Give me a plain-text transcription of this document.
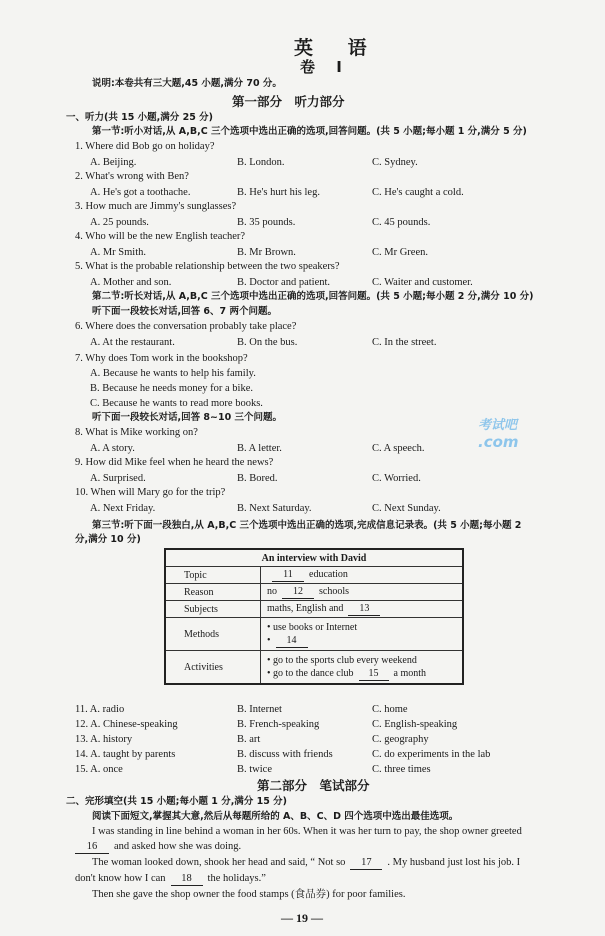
英 语
卷 Ⅰ
说明:本卷共有三大题,45 小题,满分 70 分。
第一部分　听力部分
一、听力(共 15 小题,满分 25 分)
第一节:听小对话,从 A,B,C 三个选项中选出正确的选项,回答问题。(共 5 小题;每小题 1 分,满分 5 分)
1. Where did Bob go on holiday?
A. Beijing.	B. London.	C. Sydney.
2. What's wrong with Ben?
A. He's got a toothache.	B. He's hurt his leg.	C. He's caught a cold.
3. How much are Jimmy's sunglasses?
A. 25 pounds.	B. 35 pounds.	C. 45 pounds.
4. Who will be the new English teacher?
A. Mr Smith.	B. Mr Brown.	C. Mr Green.
5. What is the probable relationship between the two speakers?
A. Mother and son.	B. Doctor and patient.	C. Waiter and customer.
6. Where does the conversation probably take place?
A. At the restaurant.	B. On the bus.	C. In the street.
7. Why does Tom work in the bookshop?
A. Because he wants to help his family.
B. Because he needs money for a bike.
C. Because he wants to read more books.
8. What is Mike working on?
A. A story.	B. A letter.	C. A speech.
9. How did Mike feel when he heard the news?
A. Surprised.	B. Bored.	C. Worried.
10. When will Mary go for the trip?
A. Next Friday.	B. Next Saturday.	C. Next Sunday.
第二节:听长对话,从 A,B,C 三个选项中选出正确的选项,回答问题。(共 5 小题;每小题 2 分,满分 10 分)
听下面一段较长对话,回答 6、7 两个问题。
听下面一段较长对话,回答 8~10 三个问题。
第三节:听下面一段独白,从 A,B,C 三个选项中选出正确的选项,完成信息记录表。(共 5 小题;每小题 2
分,满分 10 分)
11. A. radio	B. Internet	C. home
12. A. Chinese-speaking	B. French-speaking	C. English-speaking
13. A. history	B. art	C. geography
14. A. taught by parents	B. discuss with friends	C. do experiments in the lab
15. A. once	B. twice	C. three times
第二部分　笔试部分
二、完形填空(共 15 小题;每小题 1 分,满分 15 分)
阅读下面短文,掌握其大意,然后从每题所给的 A、B、C、D 四个选项中选出最佳选项。
I was standing in line behind a woman in her 60s. When it was her turn to pay, the shop owner greeted
16 and asked how she was doing.
The woman looked down, shook her head and said, “ Not so 17 . My husband just lost his job. I
don't know how I can 18 the holidays.”
Then she gave the shop owner the food stamps (食品券) for poor families.
An interview with David	
Topic	11 education
Reason	no 12 schools
Subjects	maths, English and 13
Methods	• use books or Internet
• 14

Activities	• go to the sports club every weekend
• go to the dance club 15 a month
考试吧
.com
— 19 —
